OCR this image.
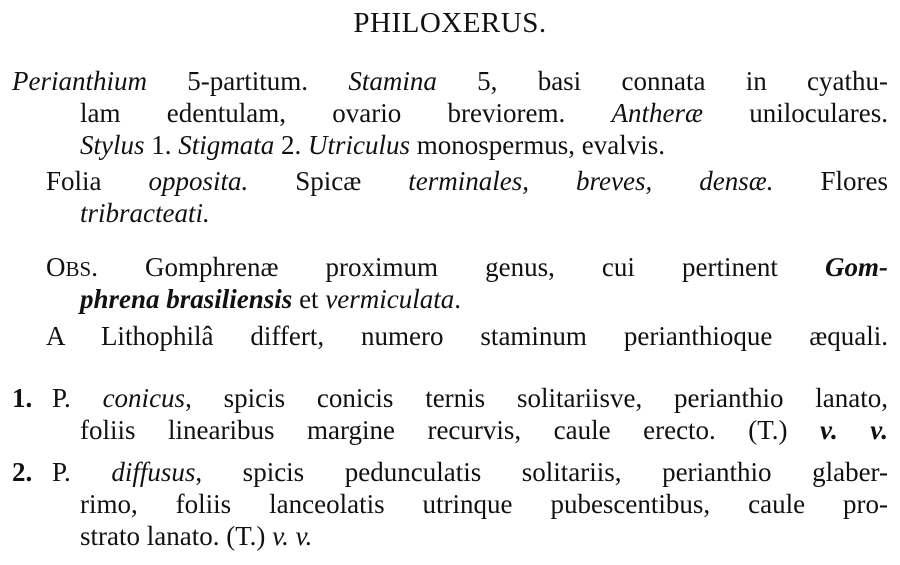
PHILOXERUS.
Perianthium 5-partitum. Stamina 5, basi connata in cyathu-
lam edentulam, ovario breviorem. Antheræ uniloculares.
Stylus 1. Stigmata 2. Utriculus monospermus, evalvis.
Folia opposita. Spicæ terminales, breves, densæ. Flores
tribracteati.
OBS. Gomphrenæ proximum genus, cui pertinent Gom-
phrena brasiliensis et vermiculata.
A Lithophilâ differt, numero staminum perianthioque æquali.
1. P. conicus, spicis conicis ternis solitariisve, perianthio lanato,
foliis linearibus margine recurvis, caule erecto. (T.) v. v.
2. P. diffusus, spicis pedunculatis solitariis, perianthio glaber-
rimo, foliis lanceolatis utrinque pubescentibus, caule pro-
strato lanato. (T.) v. v.
